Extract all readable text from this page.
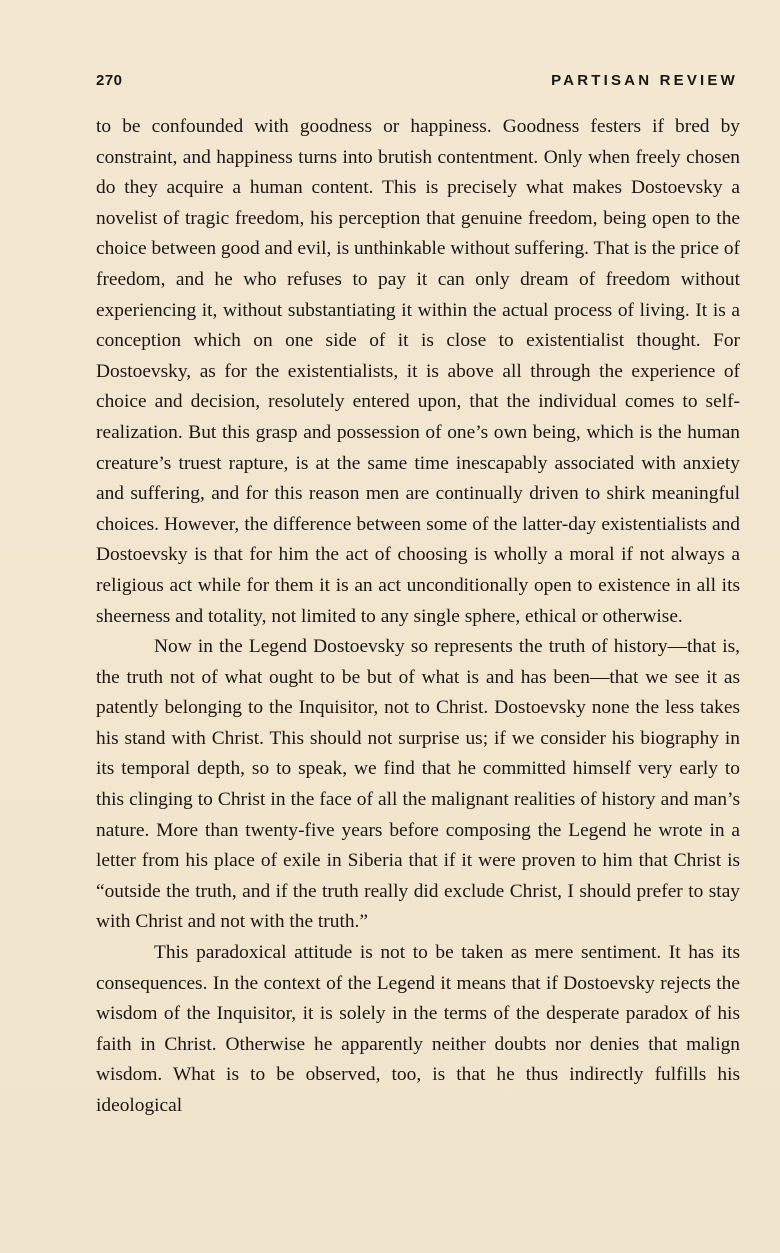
270	PARTISAN REVIEW

to be confounded with goodness or happiness. Goodness festers if bred by constraint, and happiness turns into brutish contentment. Only when freely chosen do they acquire a human content. This is precisely what makes Dostoevsky a novelist of tragic freedom, his perception that genuine freedom, being open to the choice between good and evil, is unthinkable without suffering. That is the price of freedom, and he who refuses to pay it can only dream of freedom without experiencing it, without substantiating it within the actual process of living. It is a conception which on one side of it is close to existentialist thought. For Dostoevsky, as for the existentialists, it is above all through the experience of choice and decision, resolutely entered upon, that the individual comes to self-realization. But this grasp and possession of one’s own being, which is the human creature’s truest rapture, is at the same time inescapably associated with anxiety and suffering, and for this reason men are continually driven to shirk meaningful choices. However, the difference between some of the latter-day existentialists and Dostoevsky is that for him the act of choosing is wholly a moral if not always a religious act while for them it is an act unconditionally open to existence in all its sheerness and totality, not limited to any single sphere, ethical or otherwise.

Now in the Legend Dostoevsky so represents the truth of history—that is, the truth not of what ought to be but of what is and has been—that we see it as patently belonging to the Inquisitor, not to Christ. Dostoevsky none the less takes his stand with Christ. This should not surprise us; if we consider his biography in its temporal depth, so to speak, we find that he committed himself very early to this clinging to Christ in the face of all the malignant realities of history and man’s nature. More than twenty-five years before composing the Legend he wrote in a letter from his place of exile in Siberia that if it were proven to him that Christ is “outside the truth, and if the truth really did exclude Christ, I should prefer to stay with Christ and not with the truth.”

This paradoxical attitude is not to be taken as mere sentiment. It has its consequences. In the context of the Legend it means that if Dostoevsky rejects the wisdom of the Inquisitor, it is solely in the terms of the desperate paradox of his faith in Christ. Otherwise he apparently neither doubts nor denies that malign wisdom. What is to be observed, too, is that he thus indirectly fulfills his ideological
